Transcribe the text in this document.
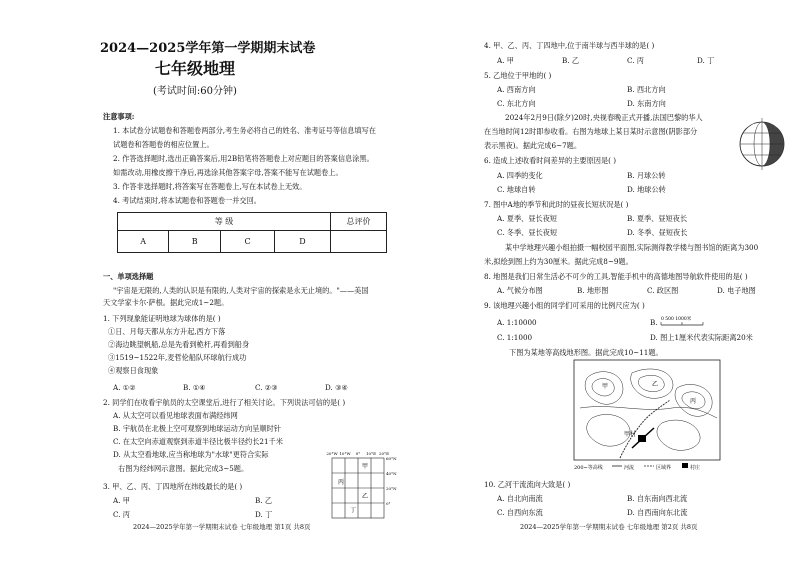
2024—2025学年第一学期期末试卷
七年级地理
(考试时间:60分钟)
注意事项:
1. 本试卷分试题卷和答题卷两部分,考生务必将自己的姓名、准考证号等信息填写在
试题卷和答题卷的相应位置上。
2. 作答选择题时,选出正确答案后,用2B铅笔将答题卷上对应题目的答案信息涂黑。
如需改动,用橡皮擦干净后,再选涂其他答案字母,答案不能写在试题卷上。
3. 作答非选择题时,将答案写在答题卷上,写在本试卷上无效。
4. 考试结束时,将本试题卷和答题卷一并交回。
等 级				总评价
A	B	C	D	
一、单项选择题
"宇宙是无限的,人类的认识是有限的,人类对宇宙的探索是永无止境的。"——美国
天文学家卡尔·萨根。据此完成1~2题。
1. 下列现象能证明地球为球体的是( )
①日、月每天都从东方升起,西方下落
②海边眺望帆船,总是先看到桅杆,再看到船身
③1519~1522年,麦哲伦船队环球航行成功
④观察日食现象
A. ①②	B. ①④	C. ②③	D. ③④
2. 同学们在收看宇航员的太空课堂后,进行了相关讨论。下列说法可信的是( )
A. 从太空可以看见地球表面布满经纬网
B. 宇航员在北极上空可观察到地球运动方向呈顺时针
C. 在太空向赤道观察到赤道半径比极半径约长21千米
D. 从太空看地球,应当称地球为"水球"更符合实际
右图为经纬网示意图。据此完成3~5题。
3. 甲、乙、丙、丁四地所在纬线最长的是( )
A. 甲	B. 乙
C. 丙	D. 丁
20°W 10°W 0° 10°E 20°E
60°N
40°N
20°N
0°
丙
甲
乙
丁
2024—2025学年第一学期期末试卷 七年级地理 第1页 共8页
4. 甲、乙、丙、丁四地中,位于南半球与西半球的是( )
A. 甲	B. 乙	C. 丙	D. 丁
5. 乙地位于甲地的( )
A. 西南方向	B. 西北方向
C. 东北方向	D. 东南方向
2024年2月9日(除夕)20时,央视春晚正式开播,法国巴黎的华人
在当地时间12时即参收看。右图为地球上某日某时示意图(阴影部分
表示黑夜)。据此完成6~7题。
6. 造成上述收看时间差异的主要原因是( )
A. 四季的变化	B. 月球公转
C. 地球自转	D. 地球公转
7. 图中A地的季节和此时的昼夜长短状况是( )
A. 夏季、昼长夜短	B. 夏季、昼短夜长
C. 冬季、昼长夜短	D. 冬季、昼短夜长
某中学地理兴趣小组拍摄一幅校园平面图,实际测得教学楼与图书馆的距离为300
米,拟绘到图上约为30厘米。据此完成8~9题。
8. 地图是我们日常生活必不可少的工具,智能手机中的高德地图导航软件使用的是( )
A. 气候分布图	B. 地形图	C. 政区图	D. 电子地图
9. 该地理兴趣小组的同学们可采用的比例尺应为( )
A. 1:10000	B. 0 500 1000米
C. 1:1000	D. 图上1厘米代表实际距离20米
下图为某地等高线地形图。据此完成10~11题。
甲村
甲	乙
丙
200~等高线	河流	区域界	村庄
10. 乙河干流流向大致是( )
A. 自北向南流	B. 自东南向西北流
C. 自西向东流	D. 自西南向东北流
2024—2025学年第一学期期末试卷 七年级地理 第2页 共8页
